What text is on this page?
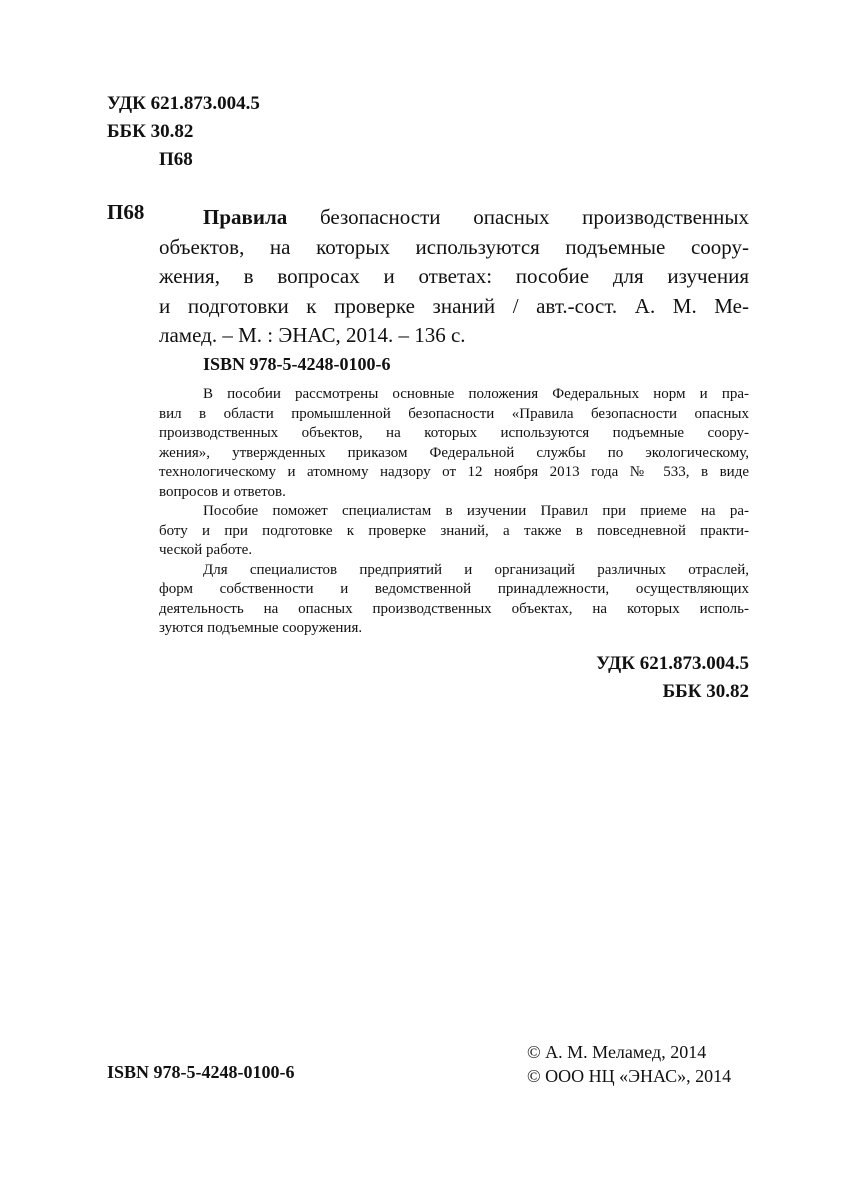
УДК 621.873.004.5
ББК 30.82
П68
П68	Правила безопасности опасных производственных
объектов, на которых используются подъемные соору-
жения, в вопросах и ответах: пособие для изучения
и подготовки к проверке знаний / авт.-сост. А. М. Ме-
ламед. – М. : ЭНАС, 2014. – 136 с.
ISBN 978-5-4248-0100-6
В пособии рассмотрены основные положения Федеральных норм и пра-
вил в области промышленной безопасности «Правила безопасности опасных
производственных объектов, на которых используются подъемные соору-
жения», утвержденных приказом Федеральной службы по экологическому,
технологическому и атомному надзору от 12 ноября 2013 года № 533, в виде
вопросов и ответов.
Пособие поможет специалистам в изучении Правил при приеме на ра-
боту и при подготовке к проверке знаний, а также в повседневной практи-
ческой работе.
Для специалистов предприятий и организаций различных отраслей,
форм собственности и ведомственной принадлежности, осуществляющих
деятельность на опасных производственных объектах, на которых исполь-
зуются подъемные сооружения.
УДК 621.873.004.5
ББК 30.82
© А. М. Меламед, 2014
© ООО НЦ «ЭНАС», 2014
ISBN 978-5-4248-0100-6
